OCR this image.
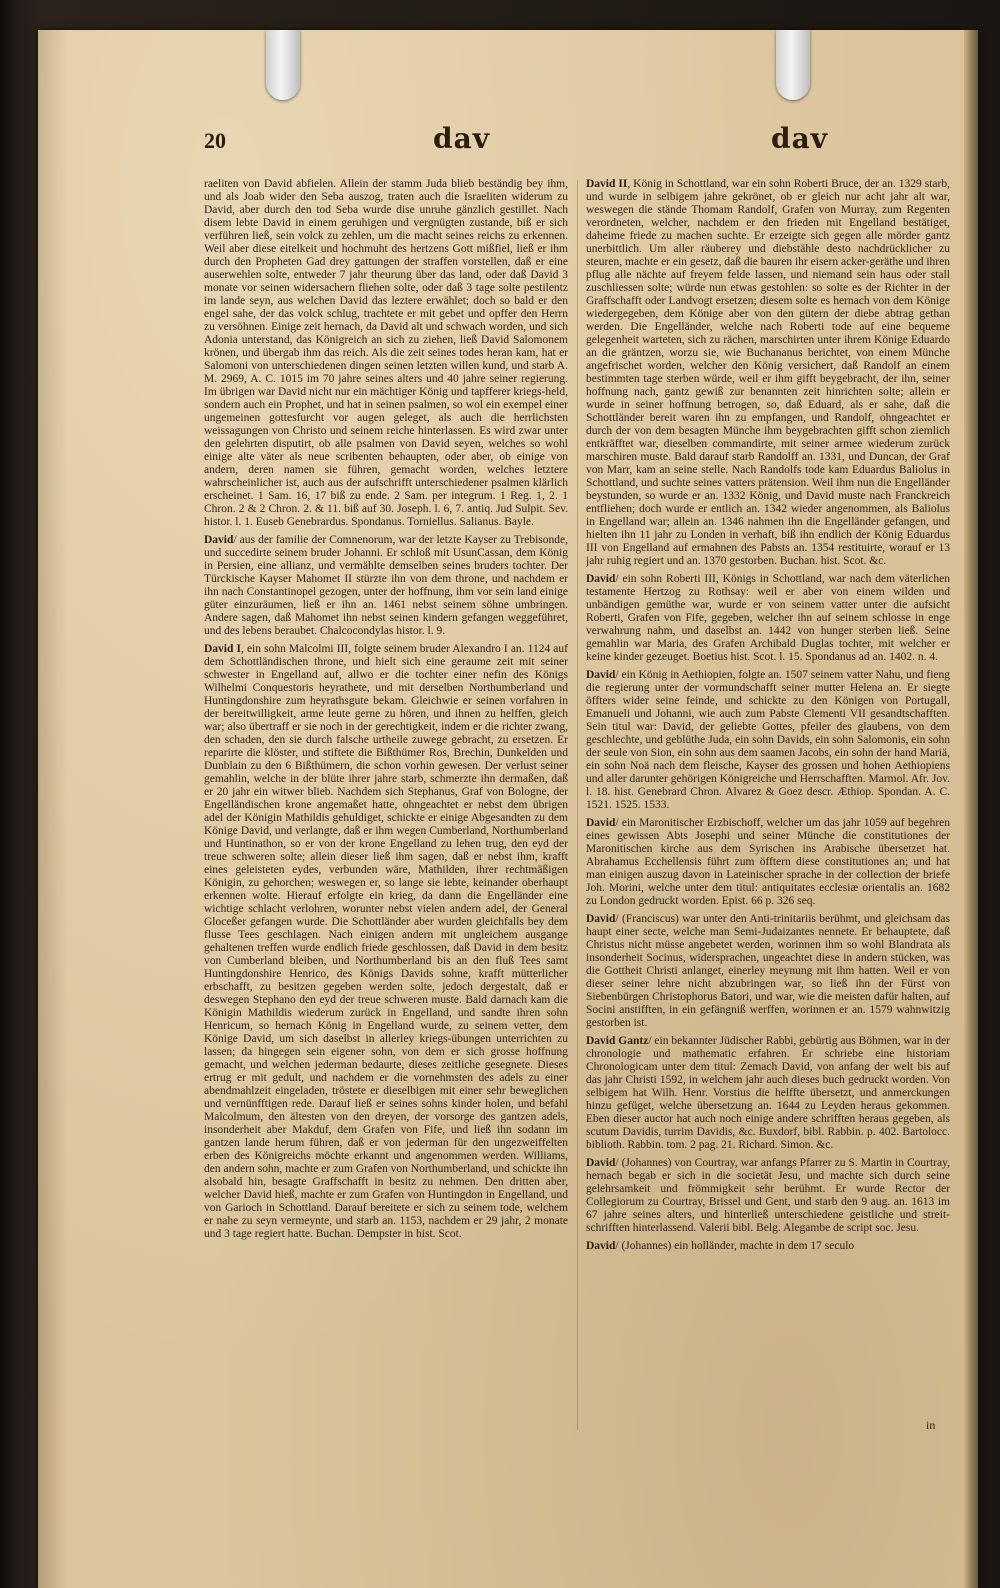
20	dav	dav

raeliten von David abfielen. Allein der stamm Juda blieb beständig bey ihm, und als Joab wider den Seba auszog, traten auch die Israeliten widerum zu David, aber durch den tod Seba wurde dise unruhe gänzlich gestillet. Nach disem lebte David in einem geruhigen und vergnügten zustande, biß er sich verführen ließ, sein volck zu zehlen, um die macht seines reichs zu erkennen. Weil aber diese eitelkeit und hochmuht des hertzens Gott mißfiel, ließ er ihm durch den Propheten Gad drey gattungen der straffen vorstellen, daß er eine auserwehlen solte, entweder 7 jahr theurung über das land, oder daß David 3 monate vor seinen widersachern fliehen solte, oder daß 3 tage solte pestilentz im lande seyn, aus welchen David das leztere erwählet; doch so bald er den engel sahe, der das volck schlug, trachtete er mit gebet und opffer den Herrn zu versöhnen. Einige zeit hernach, da David alt und schwach worden, und sich Adonia unterstand, das Königreich an sich zu ziehen, ließ David Salomonem krönen, und übergab ihm das reich. Als die zeit seines todes heran kam, hat er Salomoni von unterschiedenen dingen seinen letzten willen kund, und starb A. M. 2969, A. C. 1015 im 70 jahre seines alters und 40 jahre seiner regierung. Im übrigen war David nicht nur ein mächtiger König und tapfferer kriegs-held, sondern auch ein Prophet, und hat in seinen psalmen, so wol ein exempel einer ungemeinen gottesfurcht vor augen geleget, als auch die herrlichsten weissagungen von Christo und seinem reiche hinterlassen. Es wird zwar unter den gelehrten disputirt, ob alle psalmen von David seyen, welches so wohl einige alte väter als neue scribenten behaupten, oder aber, ob einige von andern, deren namen sie führen, gemacht worden, welches letztere wahrscheinlicher ist, auch aus der aufschrifft unterschiedener psalmen klärlich erscheinet. 1 Sam. 16, 17 biß zu ende. 2 Sam. per integrum. 1 Reg. 1, 2. 1 Chron. 2 & 2 Chron. 2. & 11. biß auf 30. Joseph. l. 6, 7. antiq. Jud Sulpit. Sev. histor. l. 1. Euseb Genebrardus. Spondanus. Torniellus. Salianus. Bayle.

David/ aus der familie der Comnenorum, war der letzte Kayser zu Trebisonde, und succedirte seinem bruder Johanni. Er schloß mit UsunCassan, dem König in Persien, eine allianz, und vermählte demselben seines bruders tochter. Der Türckische Kayser Mahomet II stürzte ihn von dem throne, und nachdem er ihn nach Constantinopel gezogen, unter der hoffnung, ihm vor sein land einige güter einzuräumen, ließ er ihn an. 1461 nebst seinem söhne umbringen. Andere sagen, daß Mahomet ihn nebst seinen kindern gefangen weggeführet, und des lebens beraubet. Chalcocondylas histor. l. 9.

David I, ein sohn Malcolmi III, folgte seinem bruder Alexandro I an. 1124 auf dem Schottländischen throne, und hielt sich eine geraume zeit mit seiner schwester in Engelland auf, allwo er die tochter einer nefin des Königs Wilhelmi Conquestoris heyrathete, und mit derselben Northumberland und Huntingdonshire zum heyrathsgute bekam. Gleichwie er seinen vorfahren in der bereitwilligkeit, arme leute gerne zu hören, und ihnen zu helffen, gleich war; also übertraff er sie noch in der gerechtigkeit, indem er die richter zwang, den schaden, den sie durch falsche urtheile zuwege gebracht, zu ersetzen. Er reparirte die klöster, und stiftete die Bißthümer Ros, Brechin, Dunkelden und Dunblain zu den 6 Bißthümern, die schon vorhin gewesen. Der verlust seiner gemahlin, welche in der blüte ihrer jahre starb, schmerzte ihn dermaßen, daß er 20 jahr ein witwer blieb. Nachdem sich Stephanus, Graf von Bologne, der Engelländischen krone angemaßet hatte, ohngeachtet er nebst dem übrigen adel der Königin Mathildis gehuldiget, schickte er einige Abgesandten zu dem Könige David, und verlangte, daß er ihm wegen Cumberland, Northumberland und Huntinathon, so er von der krone Engelland zu lehen trug, den eyd der treue schweren solte; allein dieser ließ ihm sagen, daß er nebst ihm, krafft eines geleisteten eydes, verbunden wäre, Mathilden, ihrer rechtmäßigen Königin, zu gehorchen; weswegen er, so lange sie lebte, keinander oberhaupt erkennen wolte. Hierauf erfolgte ein krieg, da dann die Engelländer eine wichtige schlacht verlohren, worunter nebst vielen andern adel, der General Gloceßer gefangen wurde. Die Schottländer aber wurden gleichfalls bey dem flusse Tees geschlagen. Nach einigen andern mit ungleichem ausgange gehaltenen treffen wurde endlich friede geschlossen, daß David in dem besitz von Cumberland bleiben, und Northumberland bis an den fluß Tees samt Huntingdonshire Henrico, des Königs Davids sohne, krafft mütterlicher erbschafft, zu besitzen gegeben werden solte, jedoch dergestalt, daß er deswegen Stephano den eyd der treue schweren muste. Bald darnach kam die Königin Mathildis wiederum zurück in Engelland, und sandte ihren sohn Henricum, so hernach König in Engelland wurde, zu seinem vetter, dem Könige David, um sich daselbst in allerley kriegs-übungen unterrichten zu lassen; da hingegen sein eigener sohn, von dem er sich grosse hoffnung gemacht, und welchen jederman bedaurte, dieses zeitliche gesegnete. Dieses ertrug er mit gedult, und nachdem er die vornehmsten des adels zu einer abendmahlzeit eingeladen, tröstete er dieselbigen mit einer sehr beweglichen und vernünfftigen rede. Darauf ließ er seines sohns kinder holen, und befahl Malcolmum, den ältesten von den dreyen, der vorsorge des gantzen adels, insonderheit aber Makduf, dem Grafen von Fife, und ließ ihn sodann im gantzen lande herum führen, daß er von jederman für den ungezweiffelten erben des Königreichs möchte erkannt und angenommen werden. Williams, den andern sohn, machte er zum Grafen von Northumberland, und schickte ihn alsobald hin, besagte Graffschafft in besitz zu nehmen. Den dritten aber, welcher David hieß, machte er zum Grafen von Huntingdon in Engelland, und von Garioch in Schottland. Darauf bereitete er sich zu seinem tode, welchem er nahe zu seyn vermeynte, und starb an. 1153, nachdem er 29 jahr, 2 monate und 3 tage regiert hatte. Buchan. Dempster in hist. Scot.

David II, König in Schottland, war ein sohn Roberti Bruce, der an. 1329 starb, und wurde in selbigem jahre gekrönet, ob er gleich nur acht jahr alt war, weswegen die stände Thomam Randolf, Grafen von Murray, zum Regenten verordneten, welcher, nachdem er den frieden mit Engelland bestätiget, daheime friede zu machen suchte. Er erzeigte sich gegen alle mörder gantz unerbittlich. Um aller räuberey und diebstähle desto nachdrücklicher zu steuren, machte er ein gesetz, daß die bauren ihr eisern acker-geräthe und ihren pflug alle nächte auf freyem felde lassen, und niemand sein haus oder stall zuschliessen solte; würde nun etwas gestohlen: so solte es der Richter in der Graffschafft oder Landvogt ersetzen; diesem solte es hernach von dem Könige wiedergegeben, dem Könige aber von den gütern der diebe abtrag gethan werden. Die Engelländer, welche nach Roberti tode auf eine bequeme gelegenheit warteten, sich zu rächen, marschirten unter ihrem Könige Eduardo an die gräntzen, worzu sie, wie Buchananus berichtet, von einem Münche angefrischet worden, welcher den König versichert, daß Randolf an einem bestimmten tage sterben würde, weil er ihm gifft beygebracht, der ihn, seiner hoffnung nach, gantz gewiß zur benannten zeit hinrichten solte; allein er wurde in seiner hoffnung betrogen, so, daß Eduard, als er sahe, daß die Schottländer bereit waren ihn zu empfangen, und Randolf, ohngeachtet er durch der von dem besagten Münche ihm beygebrachten gifft schon ziemlich entkräfftet war, dieselben commandirte, mit seiner armee wiederum zurück marschiren muste. Bald darauf starb Randolff an. 1331, und Duncan, der Graf von Marr, kam an seine stelle. Nach Randolfs tode kam Eduardus Baliolus in Schottland, und suchte seines vatters prätension. Weil ihm nun die Engelländer beystunden, so wurde er an. 1332 König, und David muste nach Franckreich entfliehen; doch wurde er entlich an. 1342 wieder angenommen, als Baliolus in Engelland war; allein an. 1346 nahmen ihn die Engelländer gefangen, und hielten ihn 11 jahr zu Londen in verhaft, biß ihn endlich der König Eduardus III von Engelland auf ermahnen des Pabsts an. 1354 restituirte, worauf er 13 jahr ruhig regiert und an. 1370 gestorben. Buchan. hist. Scot. &c.

David/ ein sohn Roberti III, Königs in Schottland, war nach dem väterlichen testamente Hertzog zu Rothsay: weil er aber von einem wilden und unbändigen gemüthe war, wurde er von seinem vatter unter die aufsicht Roberti, Grafen von Fife, gegeben, welcher ihn auf seinem schlosse in enge verwahrung nahm, und daselbst an. 1442 von hunger sterben ließ. Seine gemahlin war Maria, des Grafen Archibald Duglas tochter, mit welcher er keine kinder gezeuget. Boetius hist. Scot. l. 15. Spondanus ad an. 1402. n. 4.

David/ ein König in Aethiopien, folgte an. 1507 seinem vatter Nahu, und fieng die regierung unter der vormundschafft seiner mutter Helena an. Er siegte öffters wider seine feinde, und schickte zu den Königen von Portugall, Emanueli und Johanni, wie auch zum Pabste Clementi VII gesandtschafften. Sein titul war: David, der geliebte Gottes, pfeiler des glaubens, von dem geschlechte, und geblüthe Juda, ein sohn Davids, ein sohn Salomonis, ein sohn der seule von Sion, ein sohn aus dem saamen Jacobs, ein sohn der hand Mariä, ein sohn Noä nach dem fleische, Kayser des grossen und hohen Aethiopiens und aller darunter gehörigen Königreiche und Herrschafften. Marmol. Afr. Jov. l. 18. hist. Genebrard Chron. Alvarez & Goez descr. Æthiop. Spondan. A. C. 1521. 1525. 1533.

David/ ein Maronitischer Erzbischoff, welcher um das jahr 1059 auf begehren eines gewissen Abts Josephi und seiner Münche die constitutiones der Maronitischen kirche aus dem Syrischen ins Arabische übersetzet hat. Abrahamus Ecchellensis führt zum öfftern diese constitutiones an; und hat man einigen auszug davon in Lateinischer sprache in der collection der briefe Joh. Morini, welche unter dem titul: antiquitates ecclesiæ orientalis an. 1682 zu London gedruckt worden. Epist. 66 p. 326 seq.

David/ (Franciscus) war unter den Anti-trinitariis berühmt, und gleichsam das haupt einer secte, welche man Semi-Judaizantes nennete. Er behauptete, daß Christus nicht müsse angebetet werden, worinnen ihm so wohl Blandrata als insonderheit Socinus, widersprachen, ungeachtet diese in andern stücken, was die Gottheit Christi anlanget, einerley meynung mit ihm hatten. Weil er von dieser seiner lehre nicht abzubringen war, so ließ ihn der Fürst von Siebenbürgen Christophorus Batori, und war, wie die meisten dafür halten, auf Socini anstifften, in ein gefängniß werffen, worinnen er an. 1579 wahnwitzig gestorben ist.

David Gantz/ ein bekannter Jüdischer Rabbi, gebürtig aus Böhmen, war in der chronologie und mathematic erfahren. Er schriebe eine historiam Chronologicam unter dem titul: Zemach David, von anfang der welt bis auf das jahr Christi 1592, in welchem jahr auch dieses buch gedruckt worden. Von selbigem hat Wilh. Henr. Vorstius die helffte übersetzt, und anmerckungen hinzu gefüget, welche übersetzung an. 1644 zu Leyden heraus gekommen. Eben dieser auctor hat auch noch einige andere schrifften heraus gegeben, als scutum Davidis, turrim Davidis, &c. Buxdorf, bibl. Rabbin. p. 402. Bartolocc. biblioth. Rabbin. tom. 2 pag. 21. Richard. Simon. &c.

David/ (Johannes) von Courtray, war anfangs Pfarrer zu S. Martin in Courtray, hernach begab er sich in die societät Jesu, und machte sich durch seine gelehrsamkeit und frömmigkeit sehr berühmt. Er wurde Rector der Collegiorum zu Courtray, Brissel und Gent, und starb den 9 aug. an. 1613 im 67 jahre seines alters, und hinterließ unterschiedene geistliche und streit-schrifften hinterlassend. Valerii bibl. Belg. Alegambe de script soc. Jesu.

David/ (Johannes) ein holländer, machte in dem 17 seculo

in
